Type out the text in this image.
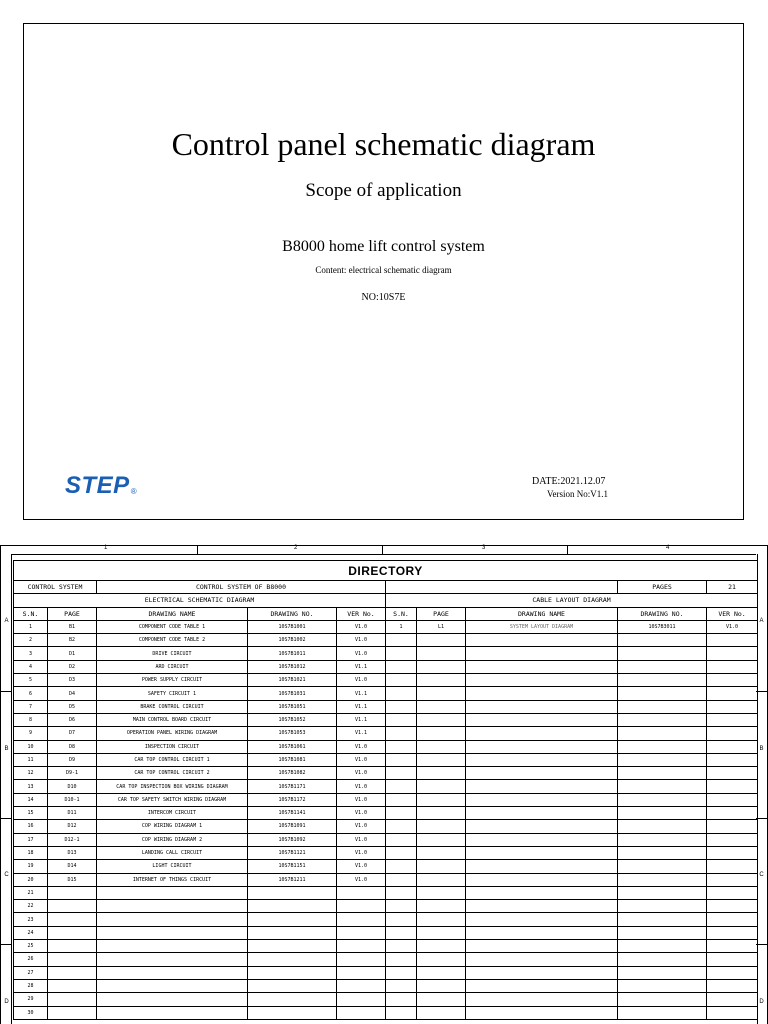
Control panel schematic diagram
Scope of application
B8000 home lift control system
Content: electrical schematic diagram
NO:10S7E
STEP®
DATE:2021.12.07
Version No:V1.1
1	2	3	4
A	A
B	B
C	C
D	D
DIRECTORY									
CONTROL SYSTEM		CONTROL SYSTEM OF B8000						PAGES	21
ELECTRICAL SCHEMATIC DIAGRAM					CABLE LAYOUT DIAGRAM				
S.N.	PAGE	DRAWING NAME	DRAWING NO.	VER No.	S.N.	PAGE	DRAWING NAME	DRAWING NO.	VER No.
1	B1	COMPONENT CODE TABLE 1	10S7B1001	V1.0	1	L1	SYSTEM LAYOUT DIAGRAM	10S7B3011	V1.0
2	B2	COMPONENT CODE TABLE 2	10S7B1002	V1.0					
3	D1	DRIVE CIRCUIT	10S7B1011	V1.0					
4	D2	ARD CIRCUIT	10S7B1012	V1.1					
5	D3	POWER SUPPLY CIRCUIT	10S7B1021	V1.0					
6	D4	SAFETY CIRCUIT 1	10S7B1031	V1.1					
7	D5	BRAKE CONTROL CIRCUIT	10S7B1051	V1.1					
8	D6	MAIN CONTROL BOARD CIRCUIT	10S7B1052	V1.1					
9	D7	OPERATION PANEL WIRING DIAGRAM	10S7B1053	V1.1					
10	D8	INSPECTION CIRCUIT	10S7B1061	V1.0					
11	D9	CAR TOP CONTROL CIRCUIT 1	10S7B1081	V1.0					
12	D9-1	CAR TOP CONTROL CIRCUIT 2	10S7B1082	V1.0					
13	D10	CAR TOP INSPECTION BOX WIRING DIAGRAM	10S7B1171	V1.0					
14	D10-1	CAR TOP SAFETY SWITCH WIRING DIAGRAM	10S7B1172	V1.0					
15	D11	INTERCOM CIRCUIT	10S7B1141	V1.0					
16	D12	COP WIRING DIAGRAM 1	10S7B1091	V1.0					
17	D12-1	COP WIRING DIAGRAM 2	10S7B1092	V1.0					
18	D13	LANDING CALL CIRCUIT	10S7B1121	V1.0					
19	D14	LIGHT CIRCUIT	10S7B1151	V1.0					
20	D15	INTERNET OF THINGS CIRCUIT	10S7B1211	V1.0					
21									
22									
23									
24									
25									
26									
27									
28									
29									
30									
